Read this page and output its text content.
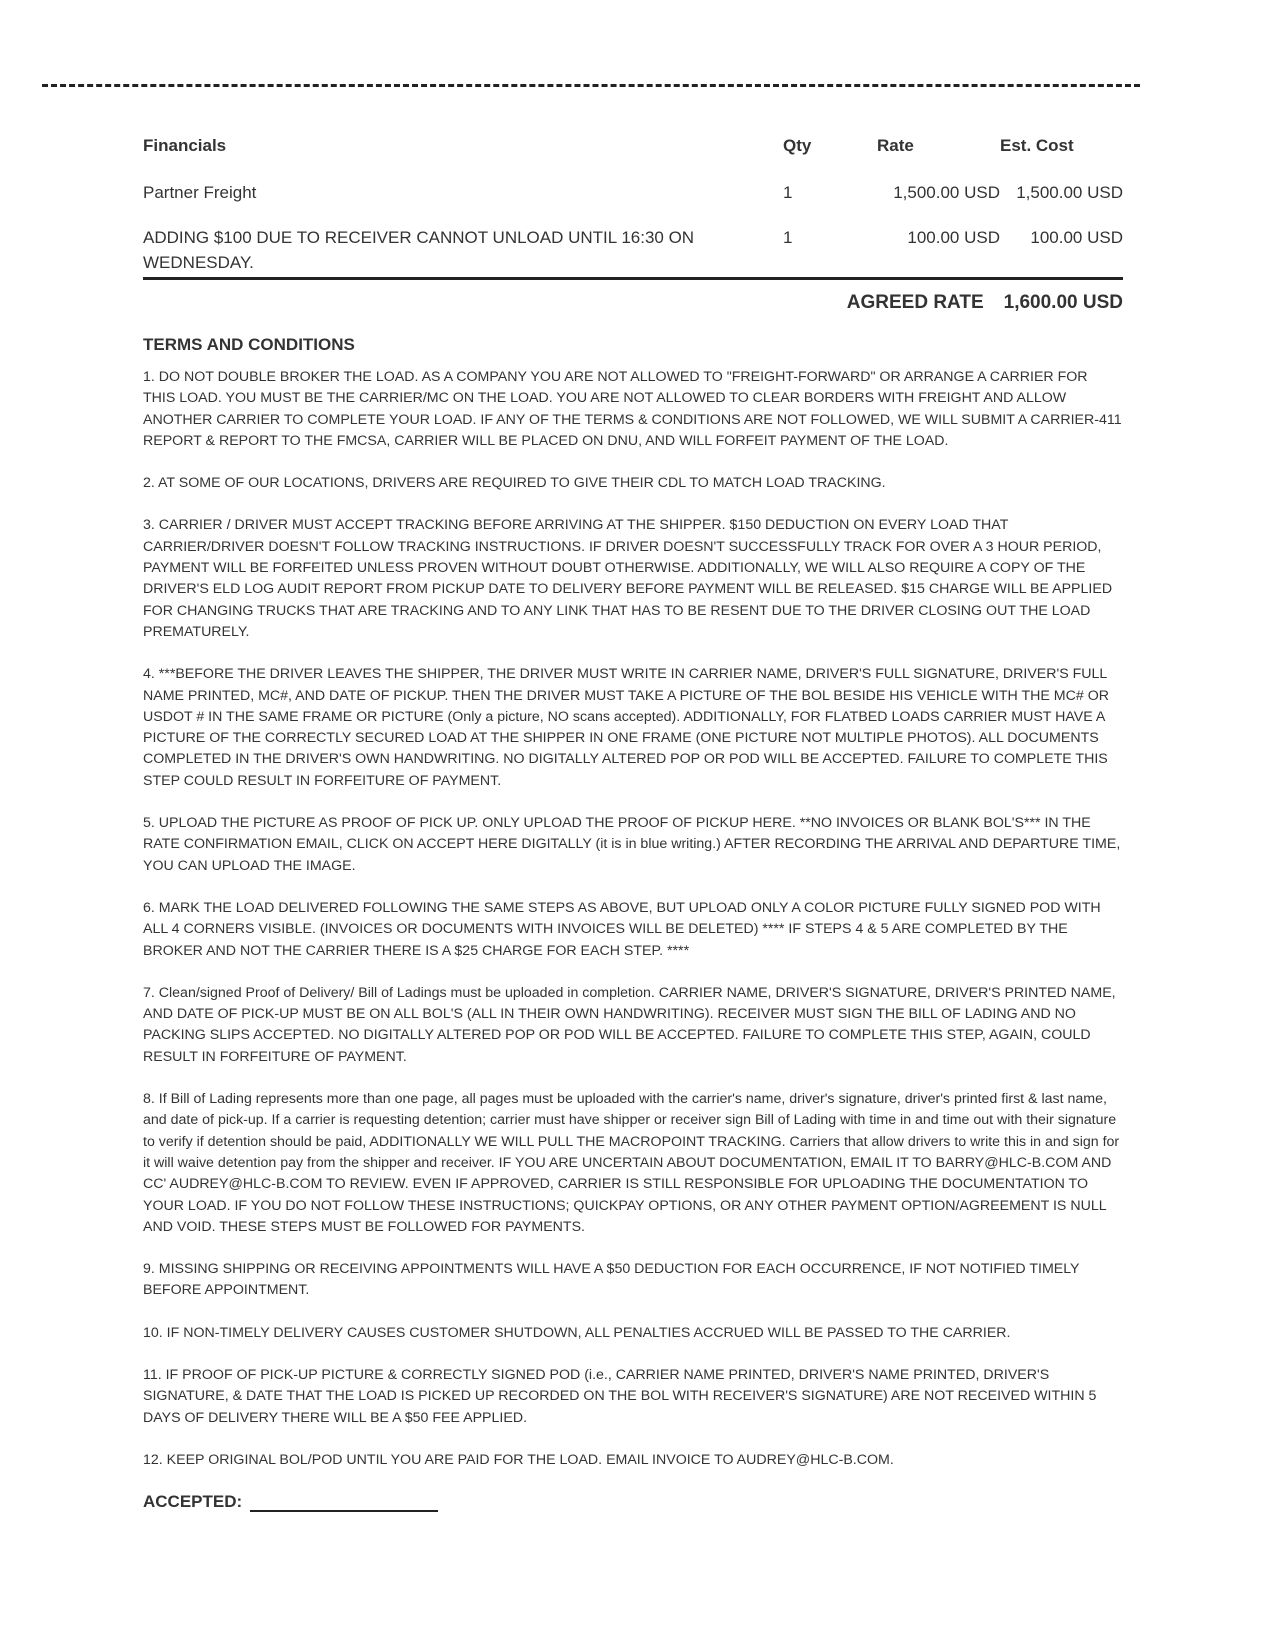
Financials	Qty	Rate	Est. Cost
Partner Freight	1	1,500.00 USD	1,500.00 USD
ADDING $100 DUE TO RECEIVER CANNOT UNLOAD UNTIL 16:30 ON WEDNESDAY.	1	100.00 USD	100.00 USD
AGREED RATE 1,600.00 USD
TERMS AND CONDITIONS

1. DO NOT DOUBLE BROKER THE LOAD. AS A COMPANY YOU ARE NOT ALLOWED TO "FREIGHT-FORWARD" OR ARRANGE A CARRIER FOR THIS LOAD. YOU MUST BE THE CARRIER/MC ON THE LOAD. YOU ARE NOT ALLOWED TO CLEAR BORDERS WITH FREIGHT AND ALLOW ANOTHER CARRIER TO COMPLETE YOUR LOAD. IF ANY OF THE TERMS & CONDITIONS ARE NOT FOLLOWED, WE WILL SUBMIT A CARRIER-411 REPORT & REPORT TO THE FMCSA, CARRIER WILL BE PLACED ON DNU, AND WILL FORFEIT PAYMENT OF THE LOAD.

2. AT SOME OF OUR LOCATIONS, DRIVERS ARE REQUIRED TO GIVE THEIR CDL TO MATCH LOAD TRACKING.

3. CARRIER / DRIVER MUST ACCEPT TRACKING BEFORE ARRIVING AT THE SHIPPER. $150 DEDUCTION ON EVERY LOAD THAT CARRIER/DRIVER DOESN'T FOLLOW TRACKING INSTRUCTIONS. IF DRIVER DOESN'T SUCCESSFULLY TRACK FOR OVER A 3 HOUR PERIOD, PAYMENT WILL BE FORFEITED UNLESS PROVEN WITHOUT DOUBT OTHERWISE. ADDITIONALLY, WE WILL ALSO REQUIRE A COPY OF THE DRIVER'S ELD LOG AUDIT REPORT FROM PICKUP DATE TO DELIVERY BEFORE PAYMENT WILL BE RELEASED. $15 CHARGE WILL BE APPLIED FOR CHANGING TRUCKS THAT ARE TRACKING AND TO ANY LINK THAT HAS TO BE RESENT DUE TO THE DRIVER CLOSING OUT THE LOAD PREMATURELY.

4. ***BEFORE THE DRIVER LEAVES THE SHIPPER, THE DRIVER MUST WRITE IN CARRIER NAME, DRIVER'S FULL SIGNATURE, DRIVER'S FULL NAME PRINTED, MC#, AND DATE OF PICKUP. THEN THE DRIVER MUST TAKE A PICTURE OF THE BOL BESIDE HIS VEHICLE WITH THE MC# OR USDOT # IN THE SAME FRAME OR PICTURE (Only a picture, NO scans accepted). ADDITIONALLY, FOR FLATBED LOADS CARRIER MUST HAVE A PICTURE OF THE CORRECTLY SECURED LOAD AT THE SHIPPER IN ONE FRAME (ONE PICTURE NOT MULTIPLE PHOTOS). ALL DOCUMENTS COMPLETED IN THE DRIVER'S OWN HANDWRITING. NO DIGITALLY ALTERED POP OR POD WILL BE ACCEPTED. FAILURE TO COMPLETE THIS STEP COULD RESULT IN FORFEITURE OF PAYMENT.

5. UPLOAD THE PICTURE AS PROOF OF PICK UP. ONLY UPLOAD THE PROOF OF PICKUP HERE. **NO INVOICES OR BLANK BOL'S*** IN THE RATE CONFIRMATION EMAIL, CLICK ON ACCEPT HERE DIGITALLY (it is in blue writing.) AFTER RECORDING THE ARRIVAL AND DEPARTURE TIME, YOU CAN UPLOAD THE IMAGE.

6. MARK THE LOAD DELIVERED FOLLOWING THE SAME STEPS AS ABOVE, BUT UPLOAD ONLY A COLOR PICTURE FULLY SIGNED POD WITH ALL 4 CORNERS VISIBLE. (INVOICES OR DOCUMENTS WITH INVOICES WILL BE DELETED) **** IF STEPS 4 & 5 ARE COMPLETED BY THE BROKER AND NOT THE CARRIER THERE IS A $25 CHARGE FOR EACH STEP. ****

7. Clean/signed Proof of Delivery/ Bill of Ladings must be uploaded in completion. CARRIER NAME, DRIVER'S SIGNATURE, DRIVER'S PRINTED NAME, AND DATE OF PICK-UP MUST BE ON ALL BOL'S (ALL IN THEIR OWN HANDWRITING). RECEIVER MUST SIGN THE BILL OF LADING AND NO PACKING SLIPS ACCEPTED. NO DIGITALLY ALTERED POP OR POD WILL BE ACCEPTED. FAILURE TO COMPLETE THIS STEP, AGAIN, COULD RESULT IN FORFEITURE OF PAYMENT.

8. If Bill of Lading represents more than one page, all pages must be uploaded with the carrier's name, driver's signature, driver's printed first & last name, and date of pick-up. If a carrier is requesting detention; carrier must have shipper or receiver sign Bill of Lading with time in and time out with their signature to verify if detention should be paid, ADDITIONALLY WE WILL PULL THE MACROPOINT TRACKING. Carriers that allow drivers to write this in and sign for it will waive detention pay from the shipper and receiver. IF YOU ARE UNCERTAIN ABOUT DOCUMENTATION, EMAIL IT TO BARRY@HLC-B.COM AND CC' AUDREY@HLC-B.COM TO REVIEW. EVEN IF APPROVED, CARRIER IS STILL RESPONSIBLE FOR UPLOADING THE DOCUMENTATION TO YOUR LOAD. IF YOU DO NOT FOLLOW THESE INSTRUCTIONS; QUICKPAY OPTIONS, OR ANY OTHER PAYMENT OPTION/AGREEMENT IS NULL AND VOID. THESE STEPS MUST BE FOLLOWED FOR PAYMENTS.

9. MISSING SHIPPING OR RECEIVING APPOINTMENTS WILL HAVE A $50 DEDUCTION FOR EACH OCCURRENCE, IF NOT NOTIFIED TIMELY BEFORE APPOINTMENT.

10. IF NON-TIMELY DELIVERY CAUSES CUSTOMER SHUTDOWN, ALL PENALTIES ACCRUED WILL BE PASSED TO THE CARRIER.

11. IF PROOF OF PICK-UP PICTURE & CORRECTLY SIGNED POD (i.e., CARRIER NAME PRINTED, DRIVER'S NAME PRINTED, DRIVER'S SIGNATURE, & DATE THAT THE LOAD IS PICKED UP RECORDED ON THE BOL WITH RECEIVER'S SIGNATURE) ARE NOT RECEIVED WITHIN 5 DAYS OF DELIVERY THERE WILL BE A $50 FEE APPLIED.

12. KEEP ORIGINAL BOL/POD UNTIL YOU ARE PAID FOR THE LOAD. EMAIL INVOICE TO AUDREY@HLC-B.COM.

ACCEPTED:
